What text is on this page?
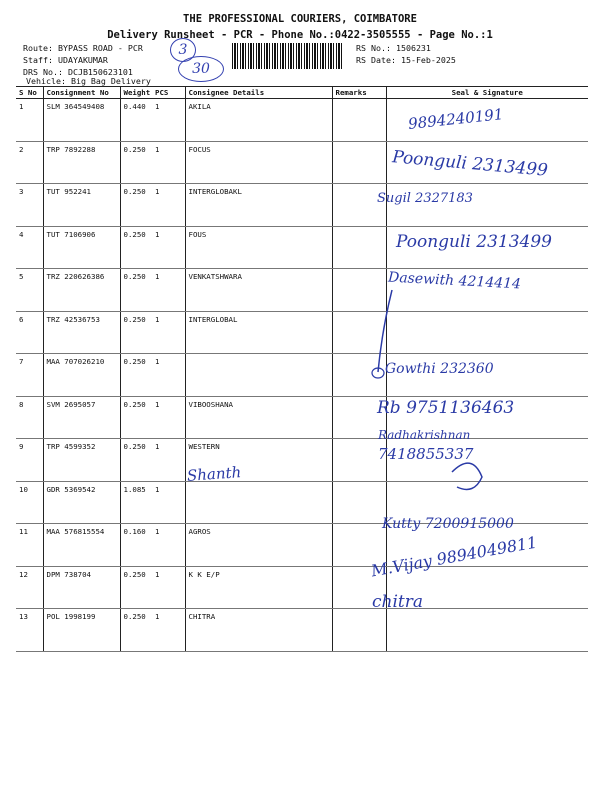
THE PROFESSIONAL COURIERS, COIMBATORE
Delivery Runsheet - PCR - Phone No.:0422-3505555 - Page No.:1
Route: BYPASS ROAD - PCR
Staff: UDAYAKUMAR
DRS No.: DCJB150623101
Vehicle: Big Bag Delivery
RS No.: 1506231
RS Date: 15-Feb-2025
3
30
S No	Consignment No	Weight	PCS	Consignee Details	Remarks	Seal & Signature
1	SLM 364549408	0.440	1	AKILA		
2	TRP 7892288	0.250	1	FOCUS		
3	TUT 952241	0.250	1	INTERGLOBAKL		
4	TUT 7106906	0.250	1	FOUS		
5	TRZ 220626386	0.250	1	VENKATSHWARA		
6	TRZ 42536753	0.250	1	INTERGLOBAL		
7	MAA 707026210	0.250	1			
8	SVM 2695057	0.250	1	VIBOOSHANA		
9	TRP 4599352	0.250	1	WESTERN		
10	GDR 5369542	1.085	1			
11	MAA 576815554	0.160	1	AGROS		
12	DPM 738704	0.250	1	K K E/P		
13	POL 1998199	0.250	1	CHITRA		
9894240191
Poonguli 2313499
Sugil 2327183
Poonguli 2313499
Dasewith 4214414
Gowthi 232360
Rb 9751136463
Radhakrishnan
7418855337
Shanth
Kutty 7200915000
M.Vijay 9894049811
chitra
